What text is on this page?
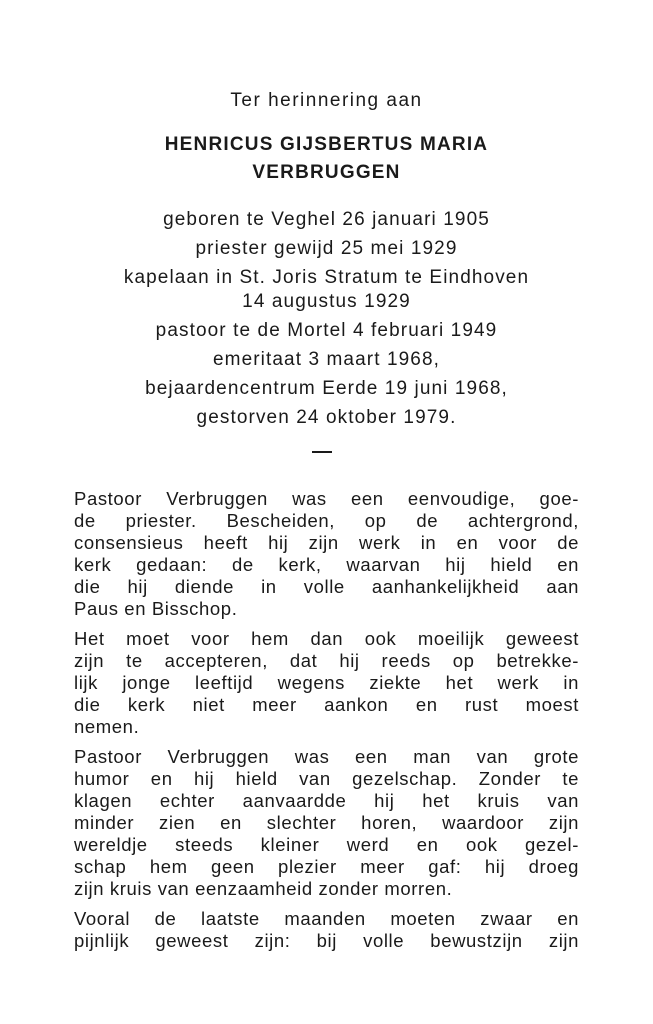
Ter herinnering aan
HENRICUS GIJSBERTUS MARIA
VERBRUGGEN
geboren te Veghel 26 januari 1905
priester gewijd 25 mei 1929
kapelaan in St. Joris Stratum te Eindhoven
14 augustus 1929
pastoor te de Mortel 4 februari 1949
emeritaat 3 maart 1968,
bejaardencentrum Eerde 19 juni 1968,
gestorven 24 oktober 1979.

Pastoor Verbruggen was een eenvoudige, goe-
de priester. Bescheiden, op de achtergrond,
consensieus heeft hij zijn werk in en voor de
kerk gedaan: de kerk, waarvan hij hield en
die hij diende in volle aanhankelijkheid aan
Paus en Bisschop.

Het moet voor hem dan ook moeilijk geweest
zijn te accepteren, dat hij reeds op betrekke-
lijk jonge leeftijd wegens ziekte het werk in
die kerk niet meer aankon en rust moest
nemen.

Pastoor Verbruggen was een man van grote
humor en hij hield van gezelschap. Zonder te
klagen echter aanvaardde hij het kruis van
minder zien en slechter horen, waardoor zijn
wereldje steeds kleiner werd en ook gezel-
schap hem geen plezier meer gaf: hij droeg
zijn kruis van eenzaamheid zonder morren.

Vooral de laatste maanden moeten zwaar en
pijnlijk geweest zijn: bij volle bewustzijn zijn
